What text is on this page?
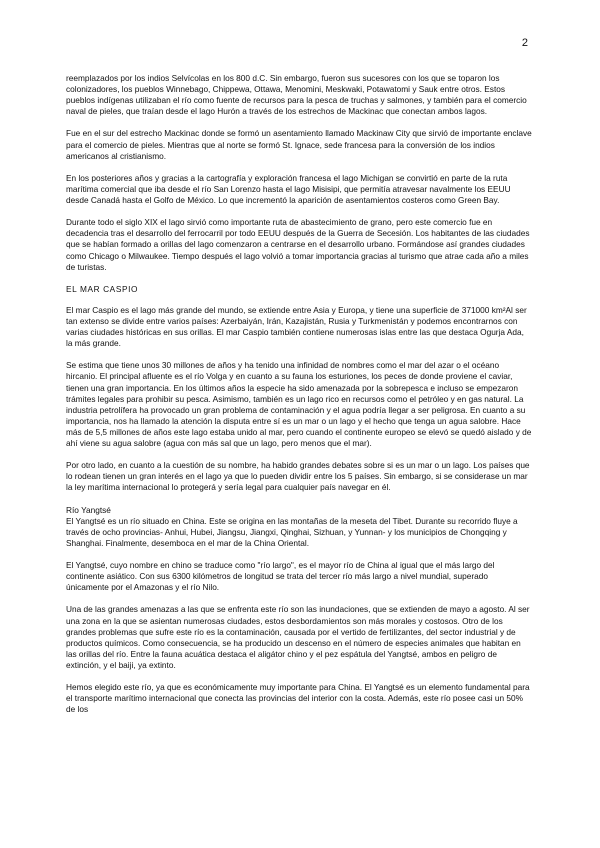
2

reemplazados por los indios Selvícolas en los 800 d.C. Sin embargo, fueron sus sucesores con los que se toparon los colonizadores, los pueblos Winnebago, Chippewa, Ottawa, Menomini, Meskwaki, Potawatomi y Sauk entre otros. Estos pueblos indígenas utilizaban el río como fuente de recursos para la pesca de truchas y salmones, y también para el comercio naval de pieles, que traían desde el lago Hurón a través de los estrechos de Mackinac que conectan ambos lagos.

Fue en el sur del estrecho Mackinac donde se formó un asentamiento llamado Mackinaw City que sirvió de importante enclave para el comercio de pieles. Mientras que al norte se formó St. Ignace, sede francesa para la conversión de los indios americanos al cristianismo.

En los posteriores años y gracias a la cartografía y exploración francesa el lago Michigan se convirtió en parte de la ruta marítima comercial que iba desde el río San Lorenzo hasta el lago Misisipi, que permitía atravesar navalmente los EEUU desde Canadá hasta el Golfo de México. Lo que incrementó la aparición de asentamientos costeros como Green Bay.

Durante todo el siglo XIX el lago sirvió como importante ruta de abastecimiento de grano, pero este comercio fue en decadencia tras el desarrollo del ferrocarril por todo EEUU después de la Guerra de Secesión. Los habitantes de las ciudades que se habían formado a orillas del lago comenzaron a centrarse en el desarrollo urbano. Formándose así grandes ciudades como Chicago o Milwaukee. Tiempo después el lago volvió a tomar importancia gracias al turismo que atrae cada año a miles de turistas.

EL MAR CASPIO

El mar Caspio es el lago más grande del mundo, se extiende entre Asia y Europa, y tiene una superficie de 371000 km²Al ser tan extenso se divide entre varios países: Azerbaiyán, Irán, Kazajistán, Rusia y Turkmenistán y podemos encontrarnos con varias ciudades históricas en sus orillas. El mar Caspio también contiene numerosas islas entre las que destaca Ogurja Ada, la más grande.

Se estima que tiene unos 30 millones de años y ha tenido una infinidad de nombres como el mar del azar o el océano hircanio. El principal afluente es el río Volga y en cuanto a su fauna los esturiones, los peces de donde proviene el caviar, tienen una gran importancia. En los últimos años la especie ha sido amenazada por la sobrepesca e incluso se empezaron trámites legales para prohibir su pesca. Asimismo, también es un lago rico en recursos como el petróleo y en gas natural. La industria petrolífera ha provocado un gran problema de contaminación y el agua podría llegar a ser peligrosa. En cuanto a su importancia, nos ha llamado la atención la disputa entre sí es un mar o un lago y el hecho que tenga un agua salobre. Hace más de 5,5 millones de años este lago estaba unido al mar, pero cuando el continente europeo se elevó se quedó aislado y de ahí viene su agua salobre (agua con más sal que un lago, pero menos que el mar).

Por otro lado, en cuanto a la cuestión de su nombre, ha habido grandes debates sobre si es un mar o un lago. Los países que lo rodean tienen un gran interés en el lago ya que lo pueden dividir entre los 5 países. Sin embargo, si se considerase un mar la ley marítima internacional lo protegerá y sería legal para cualquier país navegar en él.

Río Yangtsé

El Yangtsé es un río situado en China. Este se origina en las montañas de la meseta del Tibet. Durante su recorrido fluye a través de ocho provincias- Anhui, Hubei, Jiangsu, Jiangxi, Qinghai, Sizhuan, y Yunnan- y los municipios de Chongqing y Shanghai. Finalmente, desemboca en el mar de la China Oriental.

El Yangtsé, cuyo nombre en chino se traduce como "río largo", es el mayor río de China al igual que el más largo del continente asiático. Con sus 6300 kilómetros de longitud se trata del tercer río más largo a nivel mundial, superado únicamente por el Amazonas y el río Nilo.

Una de las grandes amenazas a las que se enfrenta este río son las inundaciones, que se extienden de mayo a agosto. Al ser una zona en la que se asientan numerosas ciudades, estos desbordamientos son más morales y costosos. Otro de los grandes problemas que sufre este río es la contaminación, causada por el vertido de fertilizantes, del sector industrial y de productos químicos. Como consecuencia, se ha producido un descenso en el número de especies animales que habitan en las orillas del río. Entre la fauna acuática destaca el aligátor chino y el pez espátula del Yangtsé, ambos en peligro de extinción, y el baiji, ya extinto.

Hemos elegido este río, ya que es económicamente muy importante para China. El Yangtsé es un elemento fundamental para el transporte marítimo internacional que conecta las provincias del interior con la costa. Además, este río posee casi un 50% de los
